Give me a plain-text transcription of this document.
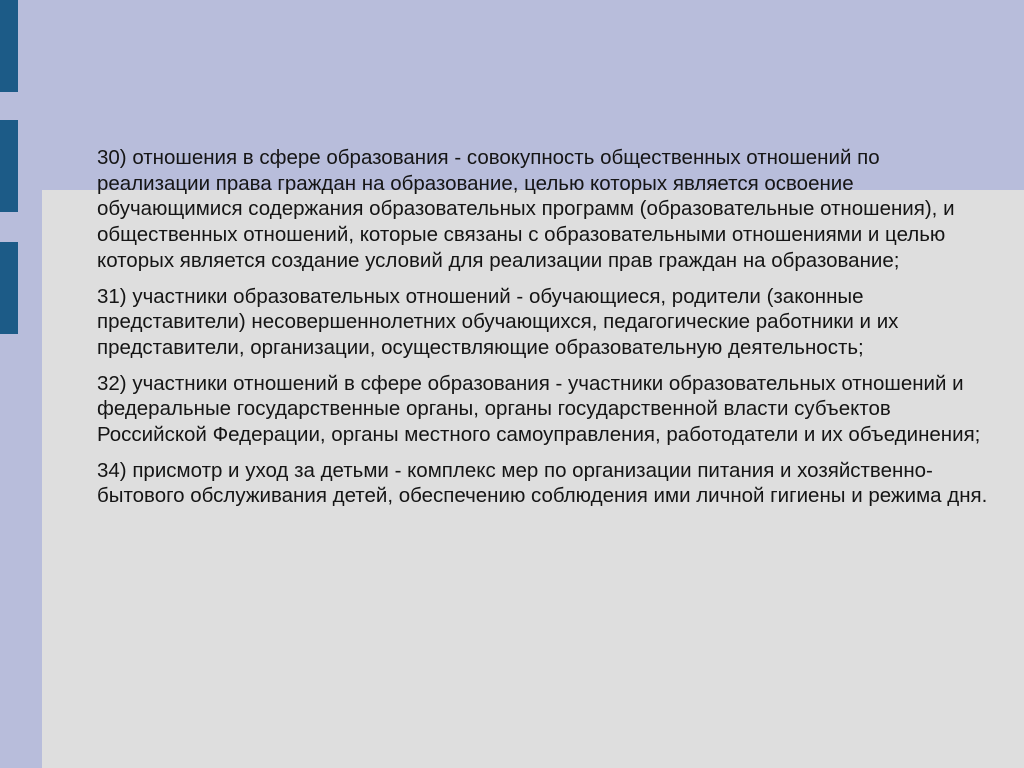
30) отношения в сфере образования - совокупность общественных отношений по реализации права граждан на образование, целью которых является освоение обучающимися содержания образовательных программ (образовательные отношения), и общественных отношений, которые связаны с образовательными отношениями и целью которых является создание условий для реализации прав граждан на образование;

31) участники образовательных отношений - обучающиеся, родители (законные представители) несовершеннолетних обучающихся, педагогические работники и их представители, организации, осуществляющие образовательную деятельность;

32) участники отношений в сфере образования - участники образовательных отношений и федеральные государственные органы, органы государственной власти субъектов Российской Федерации, органы местного самоуправления, работодатели и их объединения;

34) присмотр и уход за детьми - комплекс мер по организации питания и хозяйственно-бытового обслуживания детей, обеспечению соблюдения ими личной гигиены и режима дня.
